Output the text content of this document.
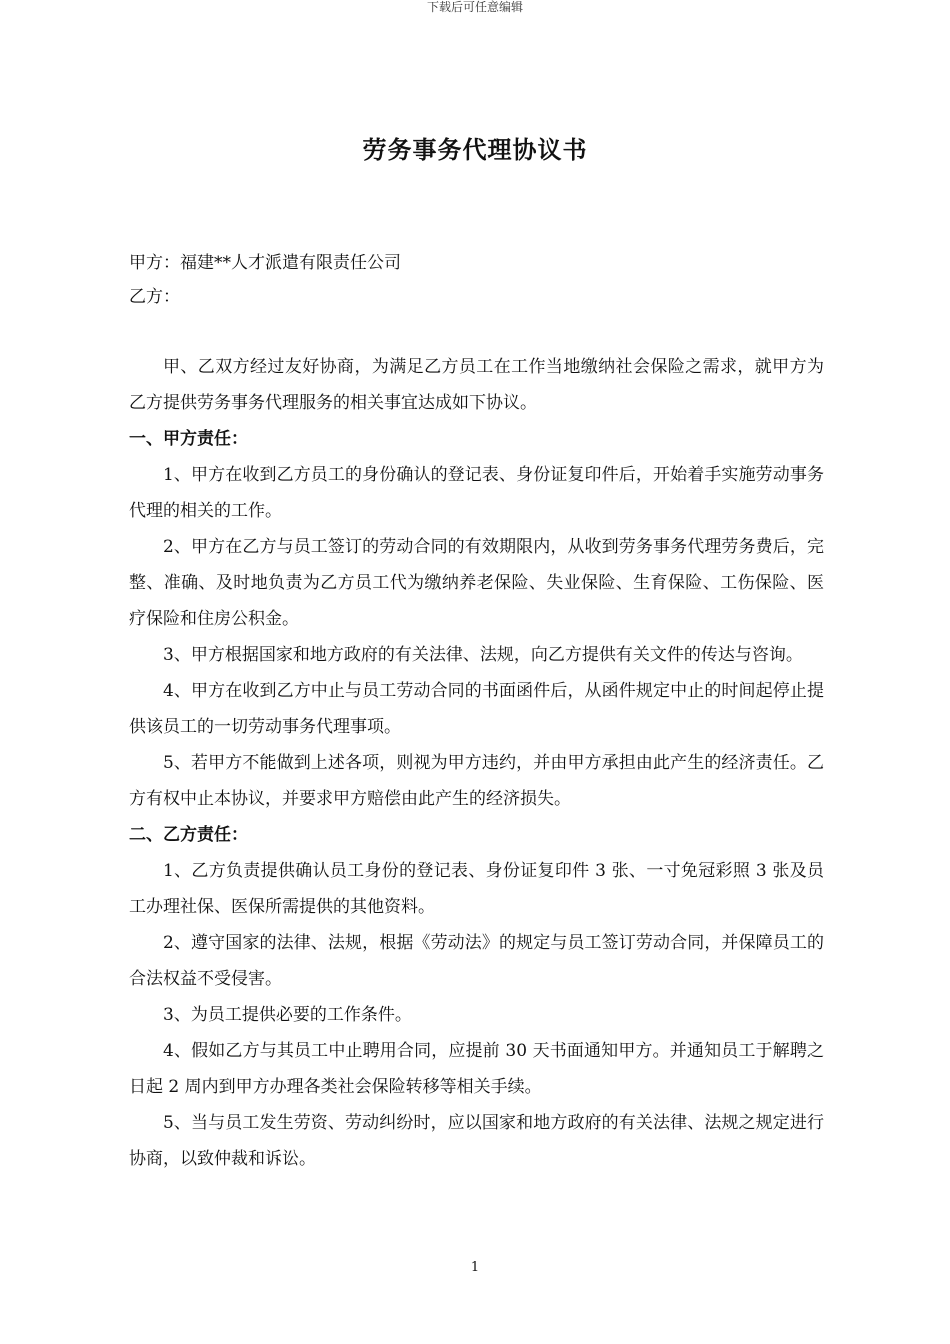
下载后可任意编辑
劳务事务代理协议书
甲方：福建**人才派遣有限责任公司
乙方：

甲、乙双方经过友好协商，为满足乙方员工在工作当地缴纳社会保险之需求，就甲方为乙方提供劳务事务代理服务的相关事宜达成如下协议。

一、甲方责任：

1、甲方在收到乙方员工的身份确认的登记表、身份证复印件后，开始着手实施劳动事务代理的相关的工作。

2、甲方在乙方与员工签订的劳动合同的有效期限内，从收到劳务事务代理劳务费后，完整、准确、及时地负责为乙方员工代为缴纳养老保险、失业保险、生育保险、工伤保险、医疗保险和住房公积金。

3、甲方根据国家和地方政府的有关法律、法规，向乙方提供有关文件的传达与咨询。

4、甲方在收到乙方中止与员工劳动合同的书面函件后，从函件规定中止的时间起停止提供该员工的一切劳动事务代理事项。

5、若甲方不能做到上述各项，则视为甲方违约，并由甲方承担由此产生的经济责任。乙方有权中止本协议，并要求甲方赔偿由此产生的经济损失。

二、乙方责任：

1、乙方负责提供确认员工身份的登记表、身份证复印件 3 张、一寸免冠彩照 3 张及员工办理社保、医保所需提供的其他资料。

2、遵守国家的法律、法规，根据《劳动法》的规定与员工签订劳动合同，并保障员工的合法权益不受侵害。

3、为员工提供必要的工作条件。

4、假如乙方与其员工中止聘用合同，应提前 30 天书面通知甲方。并通知员工于解聘之日起 2 周内到甲方办理各类社会保险转移等相关手续。

5、当与员工发生劳资、劳动纠纷时，应以国家和地方政府的有关法律、法规之规定进行协商，以致仲裁和诉讼。

1
